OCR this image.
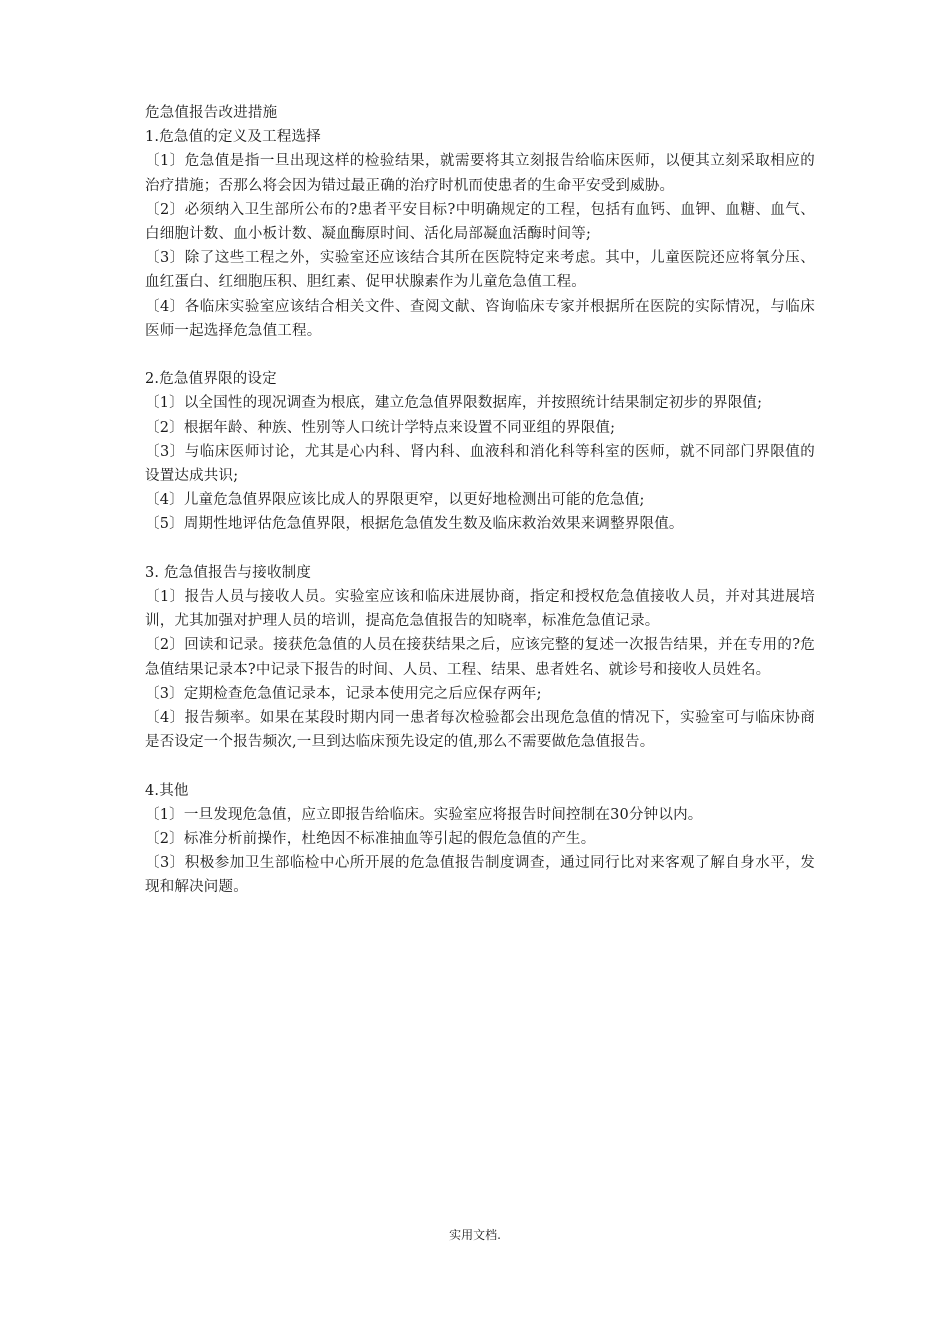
危急值报告改进措施
1.危急值的定义及工程选择
〔1〕危急值是指一旦出现这样的检验结果，就需要将其立刻报告给临床医师，以便其立刻采取相应的治疗措施；否那么将会因为错过最正确的治疗时机而使患者的生命平安受到威胁。
〔2〕必须纳入卫生部所公布的?患者平安目标?中明确规定的工程，包括有血钙、血钾、血糖、血气、白细胞计数、血小板计数、凝血酶原时间、活化局部凝血活酶时间等;
〔3〕除了这些工程之外，实验室还应该结合其所在医院特定来考虑。其中，儿童医院还应将氧分压、血红蛋白、红细胞压积、胆红素、促甲状腺素作为儿童危急值工程。
〔4〕各临床实验室应该结合相关文件、查阅文献、咨询临床专家并根据所在医院的实际情况，与临床医师一起选择危急值工程。
2.危急值界限的设定
〔1〕以全国性的现况调查为根底，建立危急值界限数据库，并按照统计结果制定初步的界限值;
〔2〕根据年龄、种族、性别等人口统计学特点来设置不同亚组的界限值;
〔3〕与临床医师讨论，尤其是心内科、肾内科、血液科和消化科等科室的医师，就不同部门界限值的设置达成共识;
〔4〕儿童危急值界限应该比成人的界限更窄，以更好地检测出可能的危急值;
〔5〕周期性地评估危急值界限，根据危急值发生数及临床救治效果来调整界限值。
3. 危急值报告与接收制度
〔1〕报告人员与接收人员。实验室应该和临床进展协商，指定和授权危急值接收人员，并对其进展培训，尤其加强对护理人员的培训，提高危急值报告的知晓率，标准危急值记录。
〔2〕回读和记录。接获危急值的人员在接获结果之后，应该完整的复述一次报告结果，并在专用的?危急值结果记录本?中记录下报告的时间、人员、工程、结果、患者姓名、就诊号和接收人员姓名。
〔3〕定期检查危急值记录本，记录本使用完之后应保存两年;
〔4〕报告频率。如果在某段时期内同一患者每次检验都会出现危急值的情况下，实验室可与临床协商是否设定一个报告频次,一旦到达临床预先设定的值,那么不需要做危急值报告。
4.其他
〔1〕一旦发现危急值，应立即报告给临床。实验室应将报告时间控制在30分钟以内。
〔2〕标准分析前操作，杜绝因不标准抽血等引起的假危急值的产生。
〔3〕积极参加卫生部临检中心所开展的危急值报告制度调查，通过同行比对来客观了解自身水平，发现和解决问题。
实用文档.
